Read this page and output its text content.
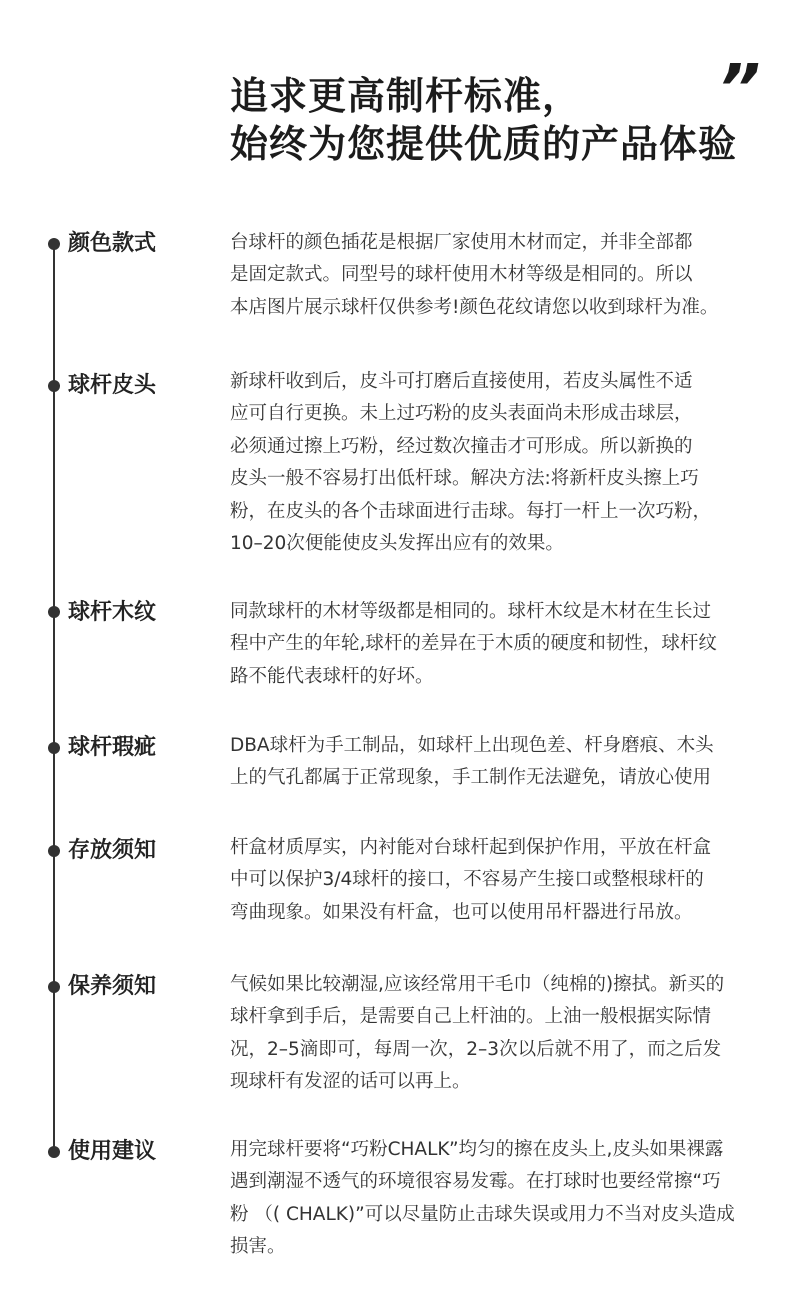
追求更高制杆标准，
始终为您提供优质的产品体验
”
颜色款式	台球杆的颜色插花是根据厂家使用木材而定，并非全部都
是固定款式。同型号的球杆使用木材等级是相同的。所以
本店图片展示球杆仅供参考!颜色花纹请您以收到球杆为准。
球杆皮头	新球杆收到后，皮斗可打磨后直接使用，若皮头属性不适
应可自行更换。未上过巧粉的皮头表面尚未形成击球层，
必须通过擦上巧粉，经过数次撞击才可形成。所以新换的
皮头一般不容易打出低杆球。解决方法:将新杆皮头擦上巧
粉，在皮头的各个击球面进行击球。每打一杆上一次巧粉，
10–20次便能使皮头发挥出应有的效果。
球杆木纹	同款球杆的木材等级都是相同的。球杆木纹是木材在生长过
程中产生的年轮,球杆的差异在于木质的硬度和韧性，球杆纹
路不能代表球杆的好坏。
球杆瑕疵	DBA球杆为手工制品，如球杆上出现色差、杆身磨痕、木头
上的气孔都属于正常现象，手工制作无法避免，请放心使用
存放须知	杆盒材质厚实，内衬能对台球杆起到保护作用，平放在杆盒
中可以保护3/4球杆的接口，不容易产生接口或整根球杆的
弯曲现象。如果没有杆盒，也可以使用吊杆器进行吊放。
保养须知	气候如果比较潮湿,应该经常用干毛巾（纯棉的)擦拭。新买的
球杆拿到手后，是需要自己上杆油的。上油一般根据实际情
况，2–5滴即可，每周一次，2–3次以后就不用了，而之后发
现球杆有发涩的话可以再上。
使用建议	用完球杆要将“巧粉CHALK”均匀的擦在皮头上,皮头如果裸露
遇到潮湿不透气的环境很容易发霉。在打球时也要经常擦“巧
粉 （( CHALK)”可以尽量防止击球失误或用力不当对皮头造成
损害。
